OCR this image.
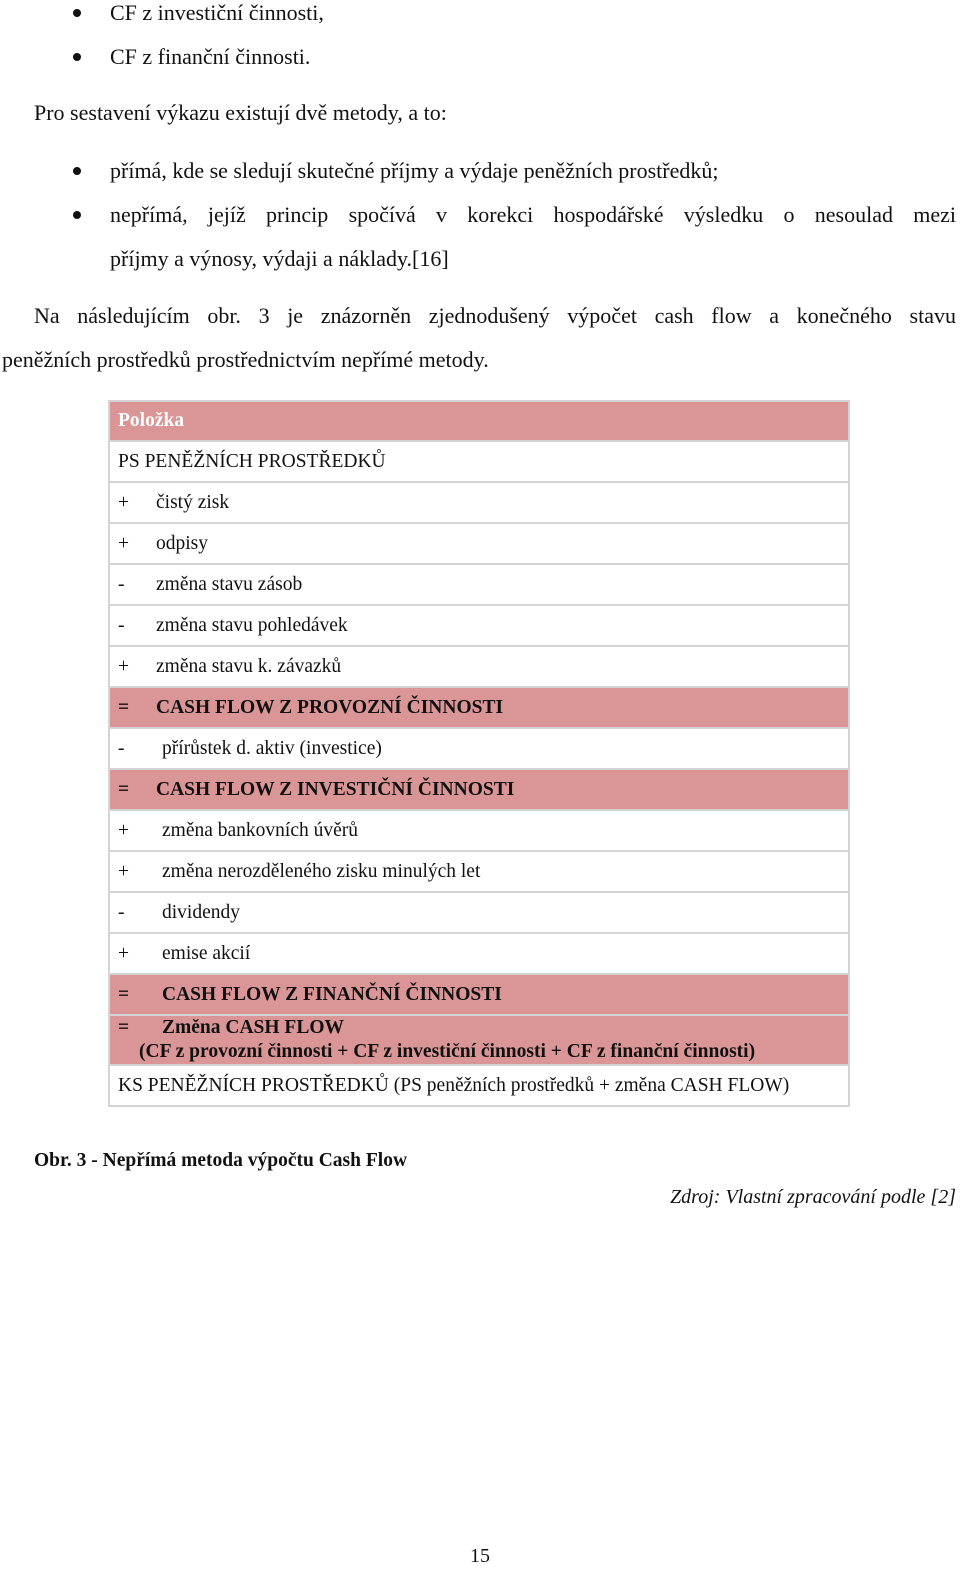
CF z investiční činnosti,
CF z finanční činnosti.
Pro sestavení výkazu existují dvě metody, a to:
přímá, kde se sledují skutečné příjmy a výdaje peněžních prostředků;
nepřímá, jejíž princip spočívá v korekci hospodářské výsledku o nesoulad mezi
příjmy a výnosy, výdaji a náklady.[16]
Na následujícím obr. 3 je znázorněn zjednodušený výpočet cash flow a konečného stavu
peněžních prostředků prostřednictvím nepřímé metody.
Položka
PS PENĚŽNÍCH PROSTŘEDKŮ
+ čistý zisk
+ odpisy
- změna stavu zásob
- změna stavu pohledávek
+ změna stavu k. závazků
= CASH FLOW Z PROVOZNÍ ČINNOSTI
- přírůstek d. aktiv (investice)
= CASH FLOW Z INVESTIČNÍ ČINNOSTI
+ změna bankovních úvěrů
+ změna nerozděleného zisku minulých let
- dividendy
+ emise akcií
= CASH FLOW Z FINANČNÍ ČINNOSTI
= Změna CASH FLOW
(CF z provozní činnosti + CF z investiční činnosti + CF z finanční činnosti)

KS PENĚŽNÍCH PROSTŘEDKŮ (PS peněžních prostředků + změna CASH FLOW)
Obr. 3 - Nepřímá metoda výpočtu Cash Flow
Zdroj: Vlastní zpracování podle [2]
15
